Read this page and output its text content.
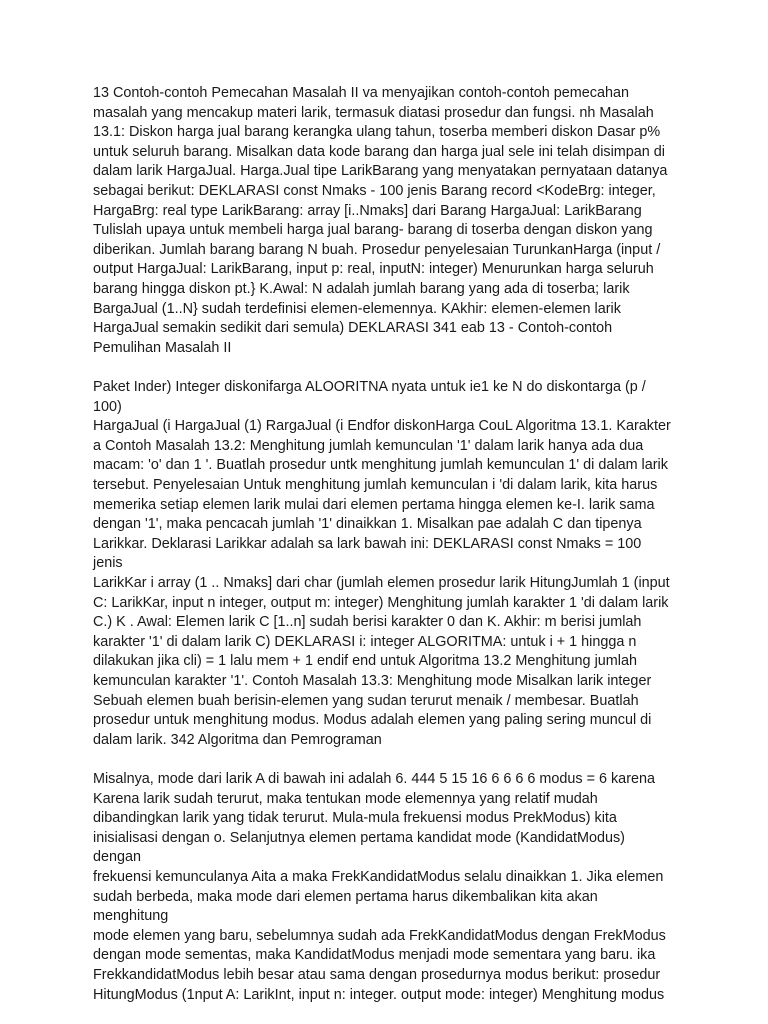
13 Contoh-contoh Pemecahan Masalah II va menyajikan contoh-contoh pemecahan
masalah yang mencakup materi larik, termasuk diatasi prosedur dan fungsi. nh Masalah
13.1: Diskon harga jual barang kerangka ulang tahun, toserba memberi diskon Dasar p%
untuk seluruh barang. Misalkan data kode barang dan harga jual sele ini telah disimpan di
dalam larik HargaJual. Harga.Jual tipe LarikBarang yang menyatakan pernyataan datanya
sebagai berikut: DEKLARASI const Nmaks - 100 jenis Barang record <KodeBrg: integer,
HargaBrg: real type LarikBarang: array [i..Nmaks] dari Barang HargaJual: LarikBarang
Tulislah upaya untuk membeli harga jual barang- barang di toserba dengan diskon yang
diberikan. Jumlah barang barang N buah. Prosedur penyelesaian TurunkanHarga (input /
output HargaJual: LarikBarang, input p: real, inputN: integer) Menurunkan harga seluruh
barang hingga diskon pt.} K.Awal: N adalah jumlah barang yang ada di toserba; larik
BargaJual (1..N} sudah terdefinisi elemen-elemennya. KAkhir: elemen-elemen larik
HargaJual semakin sedikit dari semula) DEKLARASI 341 eab 13 - Contoh-contoh
Pemulihan Masalah II

Paket Inder) Integer diskonifarga ALOORITNA nyata untuk ie1 ke N do diskontarga (p / 100)
HargaJual (i HargaJual (1) RargaJual (i Endfor diskonHarga CouL Algoritma 13.1. Karakter
a Contoh Masalah 13.2: Menghitung jumlah kemunculan '1' dalam larik hanya ada dua
macam: 'o' dan 1 '. Buatlah prosedur untk menghitung jumlah kemunculan 1' di dalam larik
tersebut. Penyelesaian Untuk menghitung jumlah kemunculan i 'di dalam larik, kita harus
memerika setiap elemen larik mulai dari elemen pertama hingga elemen ke-I. larik sama
dengan '1', maka pencacah jumlah '1' dinaikkan 1. Misalkan pae adalah C dan tipenya
Larikkar. Deklarasi Larikkar adalah sa lark bawah ini: DEKLARASI const Nmaks = 100 jenis
LarikKar i array (1 .. Nmaks] dari char (jumlah elemen prosedur larik HitungJumlah 1 (input
C: LarikKar, input n integer, output m: integer) Menghitung jumlah karakter 1 'di dalam larik
C.) K . Awal: Elemen larik C [1..n] sudah berisi karakter 0 dan K. Akhir: m berisi jumlah
karakter '1' di dalam larik C) DEKLARASI i: integer ALGORITMA: untuk i + 1 hingga n
dilakukan jika cli) = 1 lalu mem + 1 endif end untuk Algoritma 13.2 Menghitung jumlah
kemunculan karakter '1'. Contoh Masalah 13.3: Menghitung mode Misalkan larik integer
Sebuah elemen buah berisin-elemen yang sudan terurut menaik / membesar. Buatlah
prosedur untuk menghitung modus. Modus adalah elemen yang paling sering muncul di
dalam larik. 342 Algoritma dan Pemrograman

Misalnya, mode dari larik A di bawah ini adalah 6. 444 5 15 16 6 6 6 6 modus = 6 karena
Karena larik sudah terurut, maka tentukan mode elemennya yang relatif mudah
dibandingkan larik yang tidak terurut. Mula-mula frekuensi modus PrekModus) kita
inisialisasi dengan o. Selanjutnya elemen pertama kandidat mode (KandidatModus) dengan
frekuensi kemunculanya Aita a maka FrekKandidatModus selalu dinaikkan 1. Jika elemen
sudah berbeda, maka mode dari elemen pertama harus dikembalikan kita akan menghitung
mode elemen yang baru, sebelumnya sudah ada FrekKandidatModus dengan FrekModus
dengan mode sementas, maka KandidatModus menjadi mode sementara yang baru. ika
FrekkandidatModus lebih besar atau sama dengan prosedurnya modus berikut: prosedur
HitungModus (1nput A: LarikInt, input n: integer. output mode: integer) Menghitung modus
